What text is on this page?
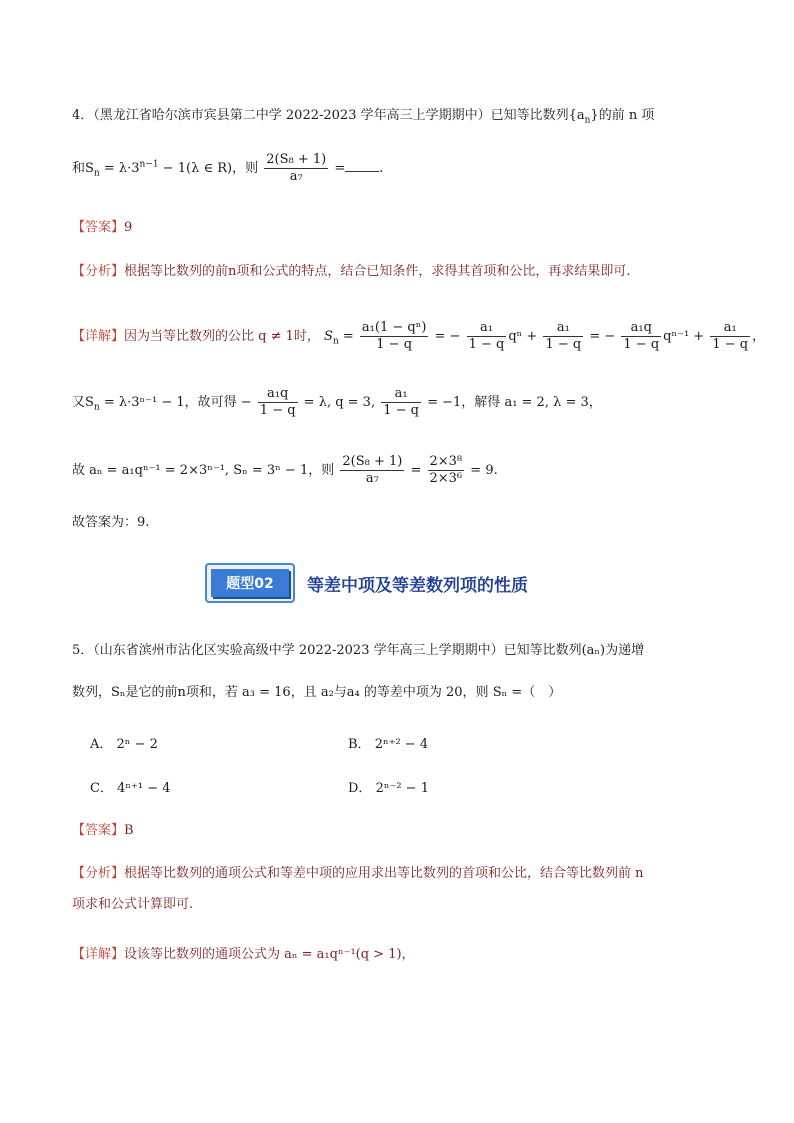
4．（黑龙江省哈尔滨市宾县第二中学 2022-2023 学年高三上学期期中）已知等比数列$\{a_n\}$的前 n 项
和$S_n = \lambda\cdot 3^{n-1} - 1(\lambda$ ∈ R)，则 $\frac{\text{2(S₈ + 1)}}{\text{a₇}}$ =	.
【答案】9
【分析】根据等比数列的前n项和公式的特点，结合已知条件，求得其首项和公比，再求结果即可.
【详解】因为当等比数列的公比 q ≠ 1时， $S_n = \frac{\text{a₁(1 − qⁿ)}}{1 - q}$ = − $\frac{\text{a₁}}{1 - q}$ $q^n + \frac{\text{a₁}}{1 - q}$ = − $\frac{\text{a₁q}}{1 - q} q^{n-1} + \frac{\text{a₁}}{1 - q}$ ，
又$S_n = \lambda\cdot 3^{n-1} - 1$，故可得 − $\frac{\text{a₁q}}{1 - q} = \lambda$, q = 3, $\frac{\text{a₁}}{1 - q} = -1$，解得 a₁ = 2, λ = 3，
故 aₙ = a₁qⁿ⁻¹ = 2×3ⁿ⁻¹, Sₙ = 3ⁿ − 1，则 $\frac{\text{2(S₈ + 1)}}{\text{a₇}} = \frac{\text{2×3⁸}}{\text{2×3⁶}} = 9$.
故答案为：9.
题型02	等差中项及等差数列项的性质
5．（山东省滨州市沾化区实验高级中学 2022-2023 学年高三上学期期中）已知等比数列(aₙ)为递增
数列，Sₙ是它的前n项和，若 a₃ = 16，且 a₂与a₄ 的等差中项为 20，则 Sₙ =（　）
A． 2ⁿ − 2	B． 2ⁿ⁺² − 4
C． 4ⁿ⁺¹ − 4	D． 2ⁿ⁻² − 1
【答案】B
【分析】根据等比数列的通项公式和等差中项的应用求出等比数列的首项和公比，结合等比数列前 n
项求和公式计算即可.
【详解】设该等比数列的通项公式为 aₙ = a₁qⁿ⁻¹(q > 1)，
